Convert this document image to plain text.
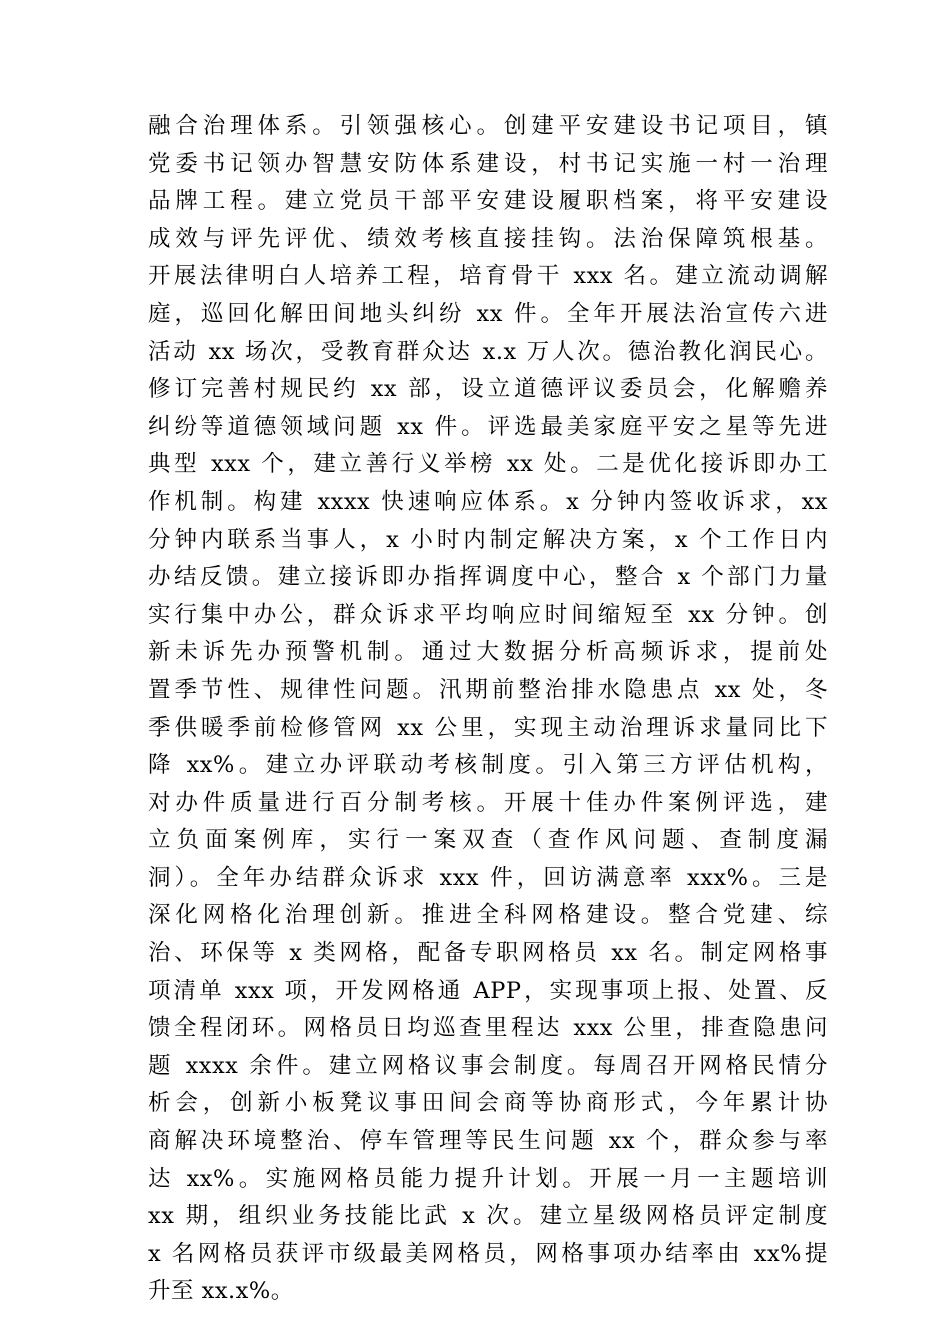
融合治理体系。引领强核心。创建平安建设书记项目，镇
党委书记领办智慧安防体系建设，村书记实施一村一治理
品牌工程。建立党员干部平安建设履职档案，将平安建设
成效与评先评优、绩效考核直接挂钩。法治保障筑根基。
开展法律明白人培养工程，培育骨干 xxx 名。建立流动调解
庭，巡回化解田间地头纠纷 xx 件。全年开展法治宣传六进
活动 xx 场次，受教育群众达 x.x 万人次。德治教化润民心。
修订完善村规民约 xx 部，设立道德评议委员会，化解赡养
纠纷等道德领域问题 xx 件。评选最美家庭平安之星等先进
典型 xxx 个，建立善行义举榜 xx 处。二是优化接诉即办工
作机制。构建 xxxx 快速响应体系。x 分钟内签收诉求，xx
分钟内联系当事人，x 小时内制定解决方案，x 个工作日内
办结反馈。建立接诉即办指挥调度中心，整合 x 个部门力量
实行集中办公，群众诉求平均响应时间缩短至 xx 分钟。创
新未诉先办预警机制。通过大数据分析高频诉求，提前处
置季节性、规律性问题。汛期前整治排水隐患点 xx 处，冬
季供暖季前检修管网 xx 公里，实现主动治理诉求量同比下
降 xx%。建立办评联动考核制度。引入第三方评估机构，
对办件质量进行百分制考核。开展十佳办件案例评选，建
立负面案例库，实行一案双查（查作风问题、查制度漏
洞）。全年办结群众诉求 xxx 件，回访满意率 xxx%。三是
深化网格化治理创新。推进全科网格建设。整合党建、综
治、环保等 x 类网格，配备专职网格员 xx 名。制定网格事
项清单 xxx 项，开发网格通 APP，实现事项上报、处置、反
馈全程闭环。网格员日均巡查里程达 xxx 公里，排查隐患问
题 xxxx 余件。建立网格议事会制度。每周召开网格民情分
析会，创新小板凳议事田间会商等协商形式，今年累计协
商解决环境整治、停车管理等民生问题 xx 个，群众参与率
达 xx%。实施网格员能力提升计划。开展一月一主题培训
xx 期，组织业务技能比武 x 次。建立星级网格员评定制度
x 名网格员获评市级最美网格员，网格事项办结率由 xx%提
升至 xx.x%。
